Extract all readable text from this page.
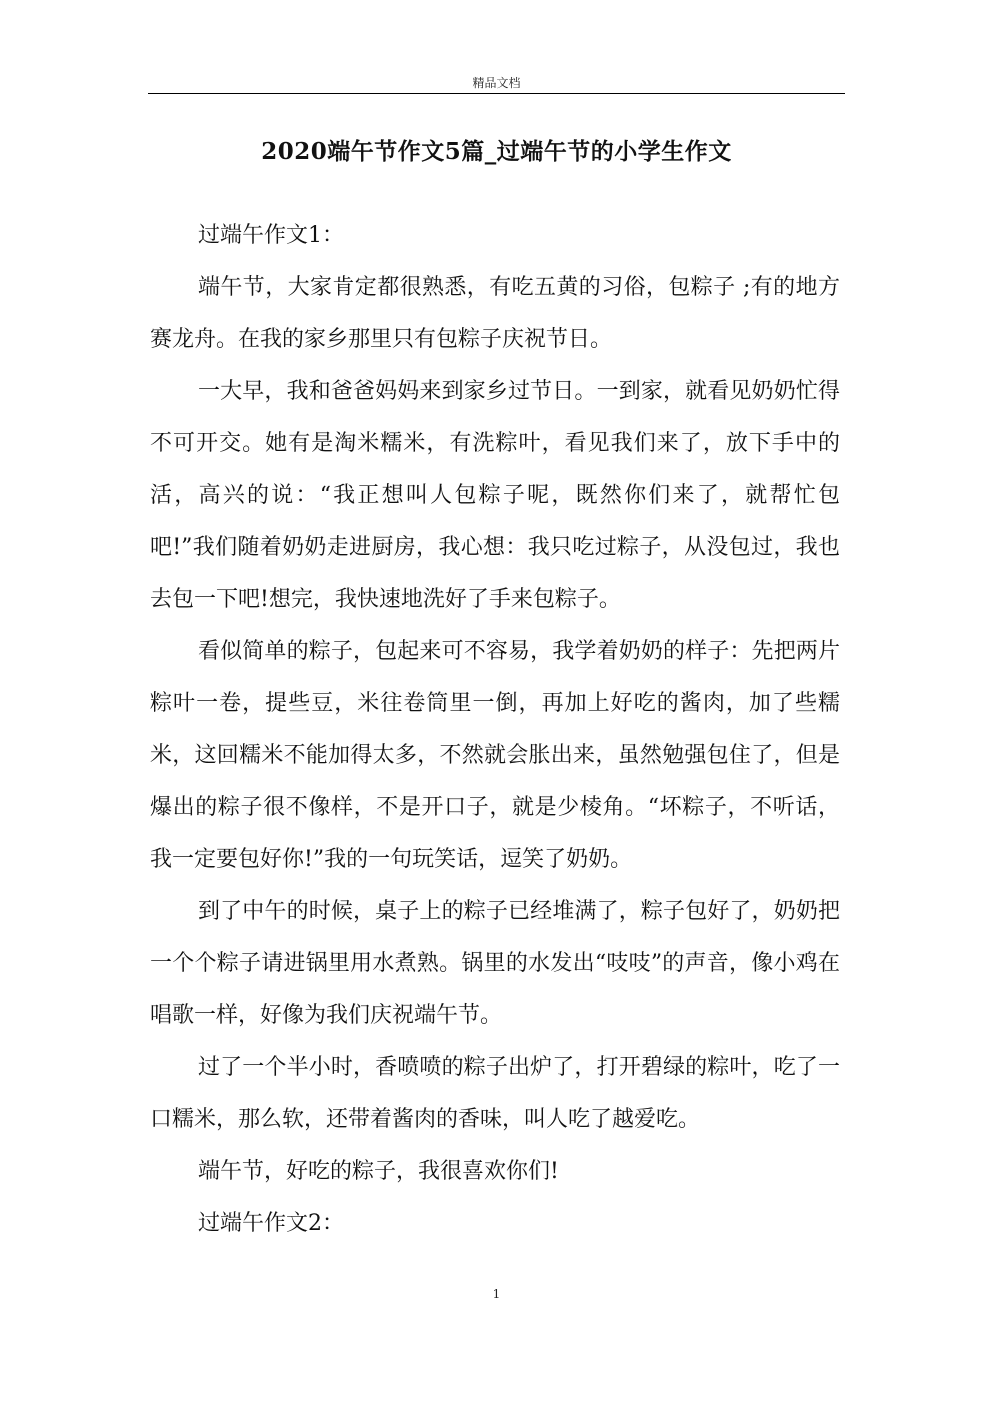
精品文档
2020端午节作文5篇_过端午节的小学生作文

过端午作文1：

端午节，大家肯定都很熟悉，有吃五黄的习俗，包粽子 ;有的地方赛龙舟。在我的家乡那里只有包粽子庆祝节日。

一大早，我和爸爸妈妈来到家乡过节日。一到家，就看见奶奶忙得不可开交。她有是淘米糯米，有洗粽叶，看见我们来了，放下手中的活，高兴的说：“我正想叫人包粽子呢，既然你们来了，就帮忙包吧!”我们随着奶奶走进厨房，我心想：我只吃过粽子，从没包过，我也去包一下吧!想完，我快速地洗好了手来包粽子。

看似简单的粽子，包起来可不容易，我学着奶奶的样子：先把两片粽叶一卷，提些豆，米往卷筒里一倒，再加上好吃的酱肉，加了些糯米，这回糯米不能加得太多，不然就会胀出来，虽然勉强包住了，但是爆出的粽子很不像样，不是开口子，就是少棱角。“坏粽子，不听话，我一定要包好你!”我的一句玩笑话，逗笑了奶奶。

到了中午的时候，桌子上的粽子已经堆满了，粽子包好了，奶奶把一个个粽子请进锅里用水煮熟。锅里的水发出“吱吱”的声音，像小鸡在唱歌一样，好像为我们庆祝端午节。

过了一个半小时，香喷喷的粽子出炉了，打开碧绿的粽叶，吃了一口糯米，那么软，还带着酱肉的香味，叫人吃了越爱吃。

端午节，好吃的粽子，我很喜欢你们!

过端午作文2：

1
